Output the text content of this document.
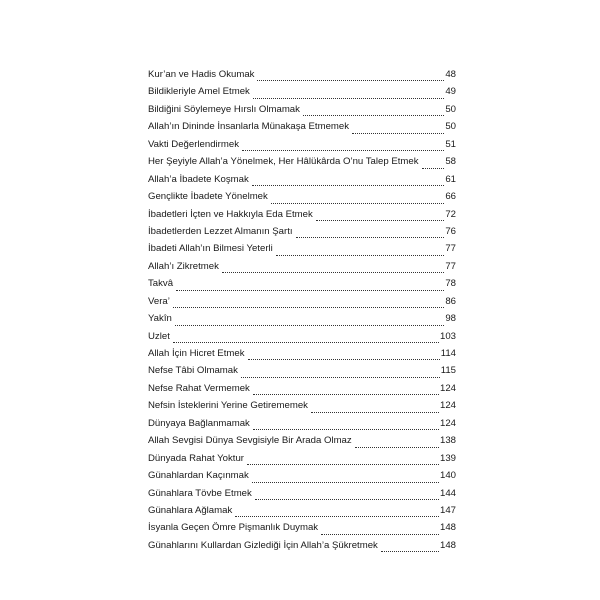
Kur’an ve Hadis Okumak	48
Bildikleriyle Amel Etmek	49
Bildiğini Söylemeye Hırslı Olmamak	50
Allah’ın Dininde İnsanlarla Münakaşa Etmemek	50
Vakti Değerlendirmek	51
Her Şeyiyle Allah’a Yönelmek, Her Hâlükârda O’nu Talep Etmek	58
Allah’a İbadete Koşmak	61
Gençlikte İbadete Yönelmek	66
İbadetleri İçten ve Hakkıyla Eda Etmek	72
İbadetlerden Lezzet Almanın Şartı	76
İbadeti Allah’ın Bilmesi Yeterli	77
Allah’ı Zikretmek	77
Takvâ	78
Vera’	86
Yakîn	98
Uzlet	103
Allah İçin Hicret Etmek	114
Nefse Tâbi Olmamak	115
Nefse Rahat Vermemek	124
Nefsin İsteklerini Yerine Getirememek	124
Dünyaya Bağlanmamak	124
Allah Sevgisi Dünya Sevgisiyle Bir Arada Olmaz	138
Dünyada Rahat Yoktur	139
Günahlardan Kaçınmak	140
Günahlara Tövbe Etmek	144
Günahlara Ağlamak	147
İsyanla Geçen Ömre Pişmanlık Duymak	148
Günahlarını Kullardan Gizlediği İçin Allah’a Şükretmek	148
